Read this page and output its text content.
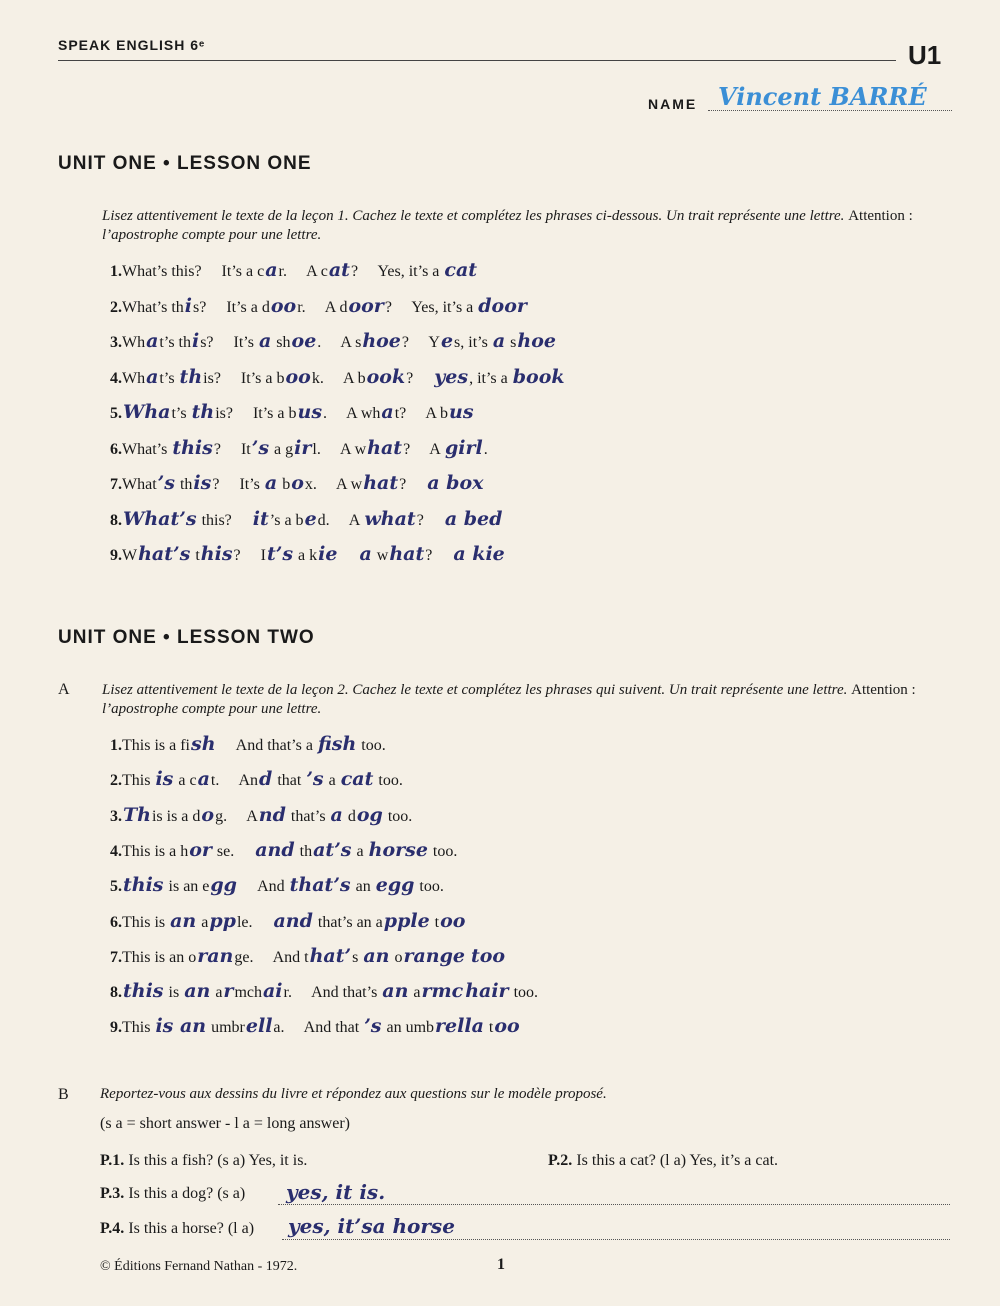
SPEAK ENGLISH 6ᵉ	U1
NAME Vincent BARRÉ
UNIT ONE • LESSON ONE
Lisez attentivement le texte de la leçon 1. Cachez le texte et complétez les phrases ci-dessous. Un trait représente une lettre. Attention : l’apostrophe compte pour une lettre.
1.What’s this?     It’s a car.     A cat?     Yes, it’s a cat
2.What’s this?     It’s a door.     A door?     Yes, it’s a door
3.What’s this?     It’s a shoe.     A shoe?     Yes, it’s a shoe
4.What’s this?     It’s a book.     A book?     yes, it’s a book
5.What’s this?     It’s a bus.     A what?     A bus
6.What’s this?     It’s a girl.     A what?     A girl.
7.What’s this?     It’s a box.     A what?     a box
8.What’s this?     it’s a bed.     A what?     a bed
9.What’s this?     It’s a kie a what?     a kie
UNIT ONE • LESSON TWO
A Lisez attentivement le texte de la leçon 2. Cachez le texte et complétez les phrases qui suivent. Un trait représente une lettre. Attention : l’apostrophe compte pour une lettre.
1.This is a fish     And that’s a fish too.
2.This is a cat.     And that ’s a cat too.
3.This is a dog.     And that’s a dog too.
4.This is a hor se.     and that’s a horse too.
5.this is an egg     And that’s an egg too.
6.This is an apple.     and that’s an apple too
7.This is an orange.     And that’s an orange too
8.this is an armchair.     And that’s an armc hair too.
9.This is an umbrella.     And that ’s an umbrella too
B Reportez-vous aux dessins du livre et répondez aux questions sur le modèle proposé.
(s a = short answer - l a = long answer)
P.1. Is this a fish? (s a) Yes, it is.	P.2. Is this a cat? (l a) Yes, it’s a cat.
P.3. Is this a dog? (s a) yes, it is.
P.4. Is this a horse? (l a) yes, it’sa horse
© Éditions Fernand Nathan - 1972.	1
